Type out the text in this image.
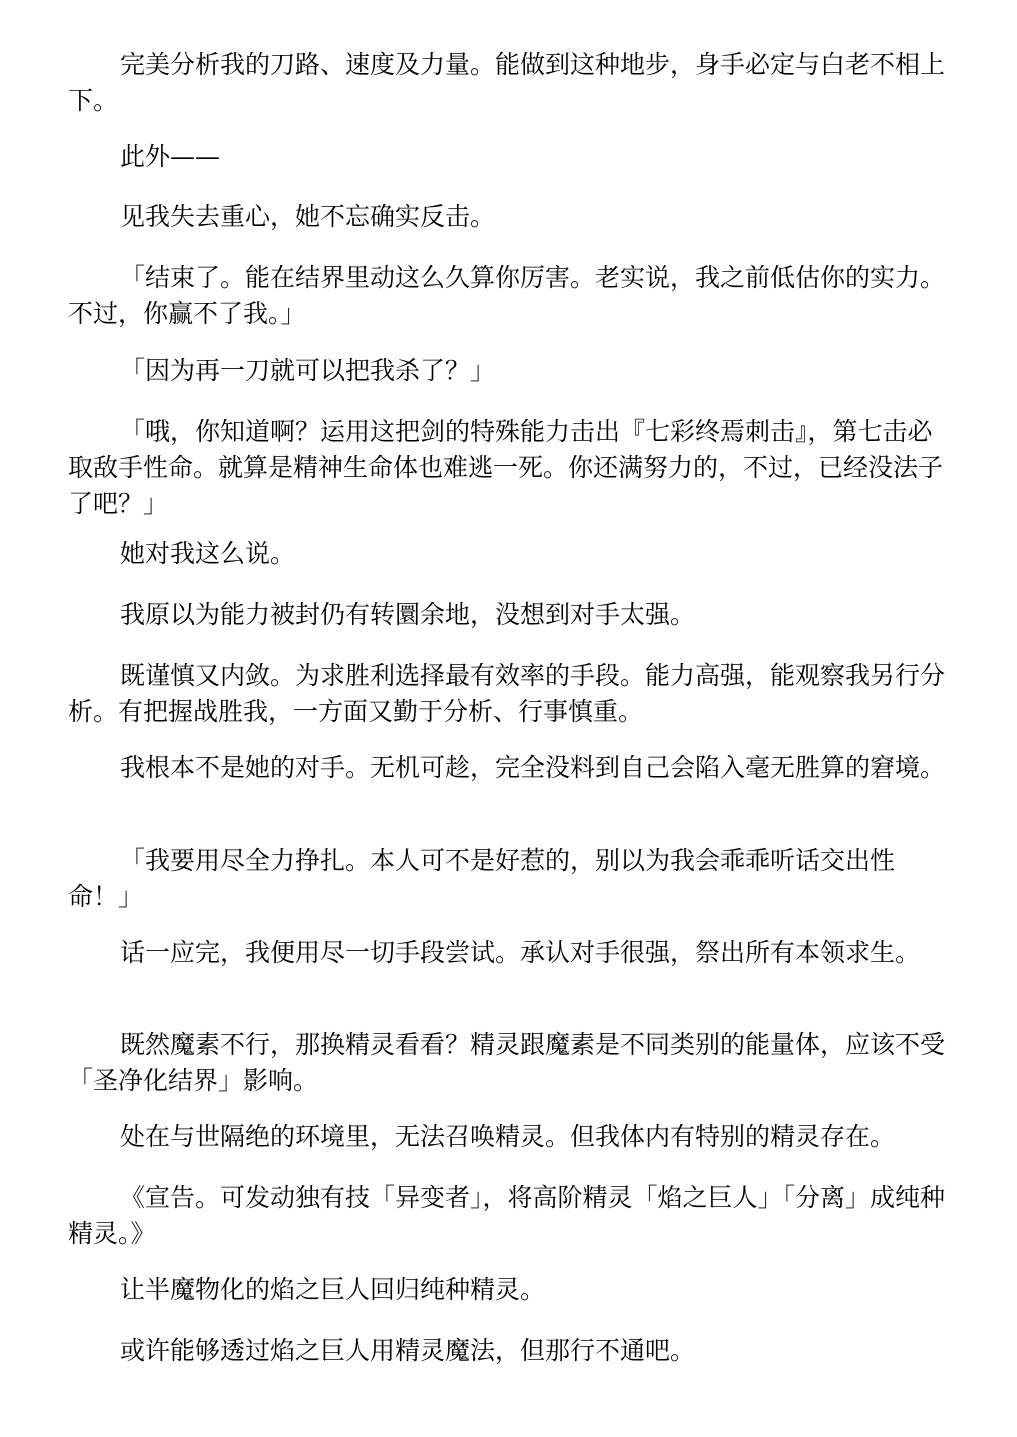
完美分析我的刀路、速度及力量。能做到这种地步，身手必定与白老不相上下。

此外——

见我失去重心，她不忘确实反击。

「结束了。能在结界里动这么久算你厉害。老实说，我之前低估你的实力。不过，你赢不了我。」

「因为再一刀就可以把我杀了？」

「哦，你知道啊？运用这把剑的特殊能力击出『七彩终焉刺击』，第七击必取敌手性命。就算是精神生命体也难逃一死。你还满努力的，不过，已经没法子了吧？」

她对我这么说。

我原以为能力被封仍有转圜余地，没想到对手太强。

既谨慎又内敛。为求胜利选择最有效率的手段。能力高强，能观察我另行分析。有把握战胜我，一方面又勤于分析、行事慎重。

我根本不是她的对手。无机可趁，完全没料到自己会陷入毫无胜算的窘境。

「我要用尽全力挣扎。本人可不是好惹的，别以为我会乖乖听话交出性命！」

话一应完，我便用尽一切手段尝试。承认对手很强，祭出所有本领求生。

既然魔素不行，那换精灵看看？精灵跟魔素是不同类别的能量体，应该不受「圣净化结界」影响。

处在与世隔绝的环境里，无法召唤精灵。但我体内有特别的精灵存在。

《宣告。可发动独有技「异变者」，将高阶精灵「焰之巨人」「分离」成纯种精灵。》

让半魔物化的焰之巨人回归纯种精灵。

或许能够透过焰之巨人用精灵魔法，但那行不通吧。
